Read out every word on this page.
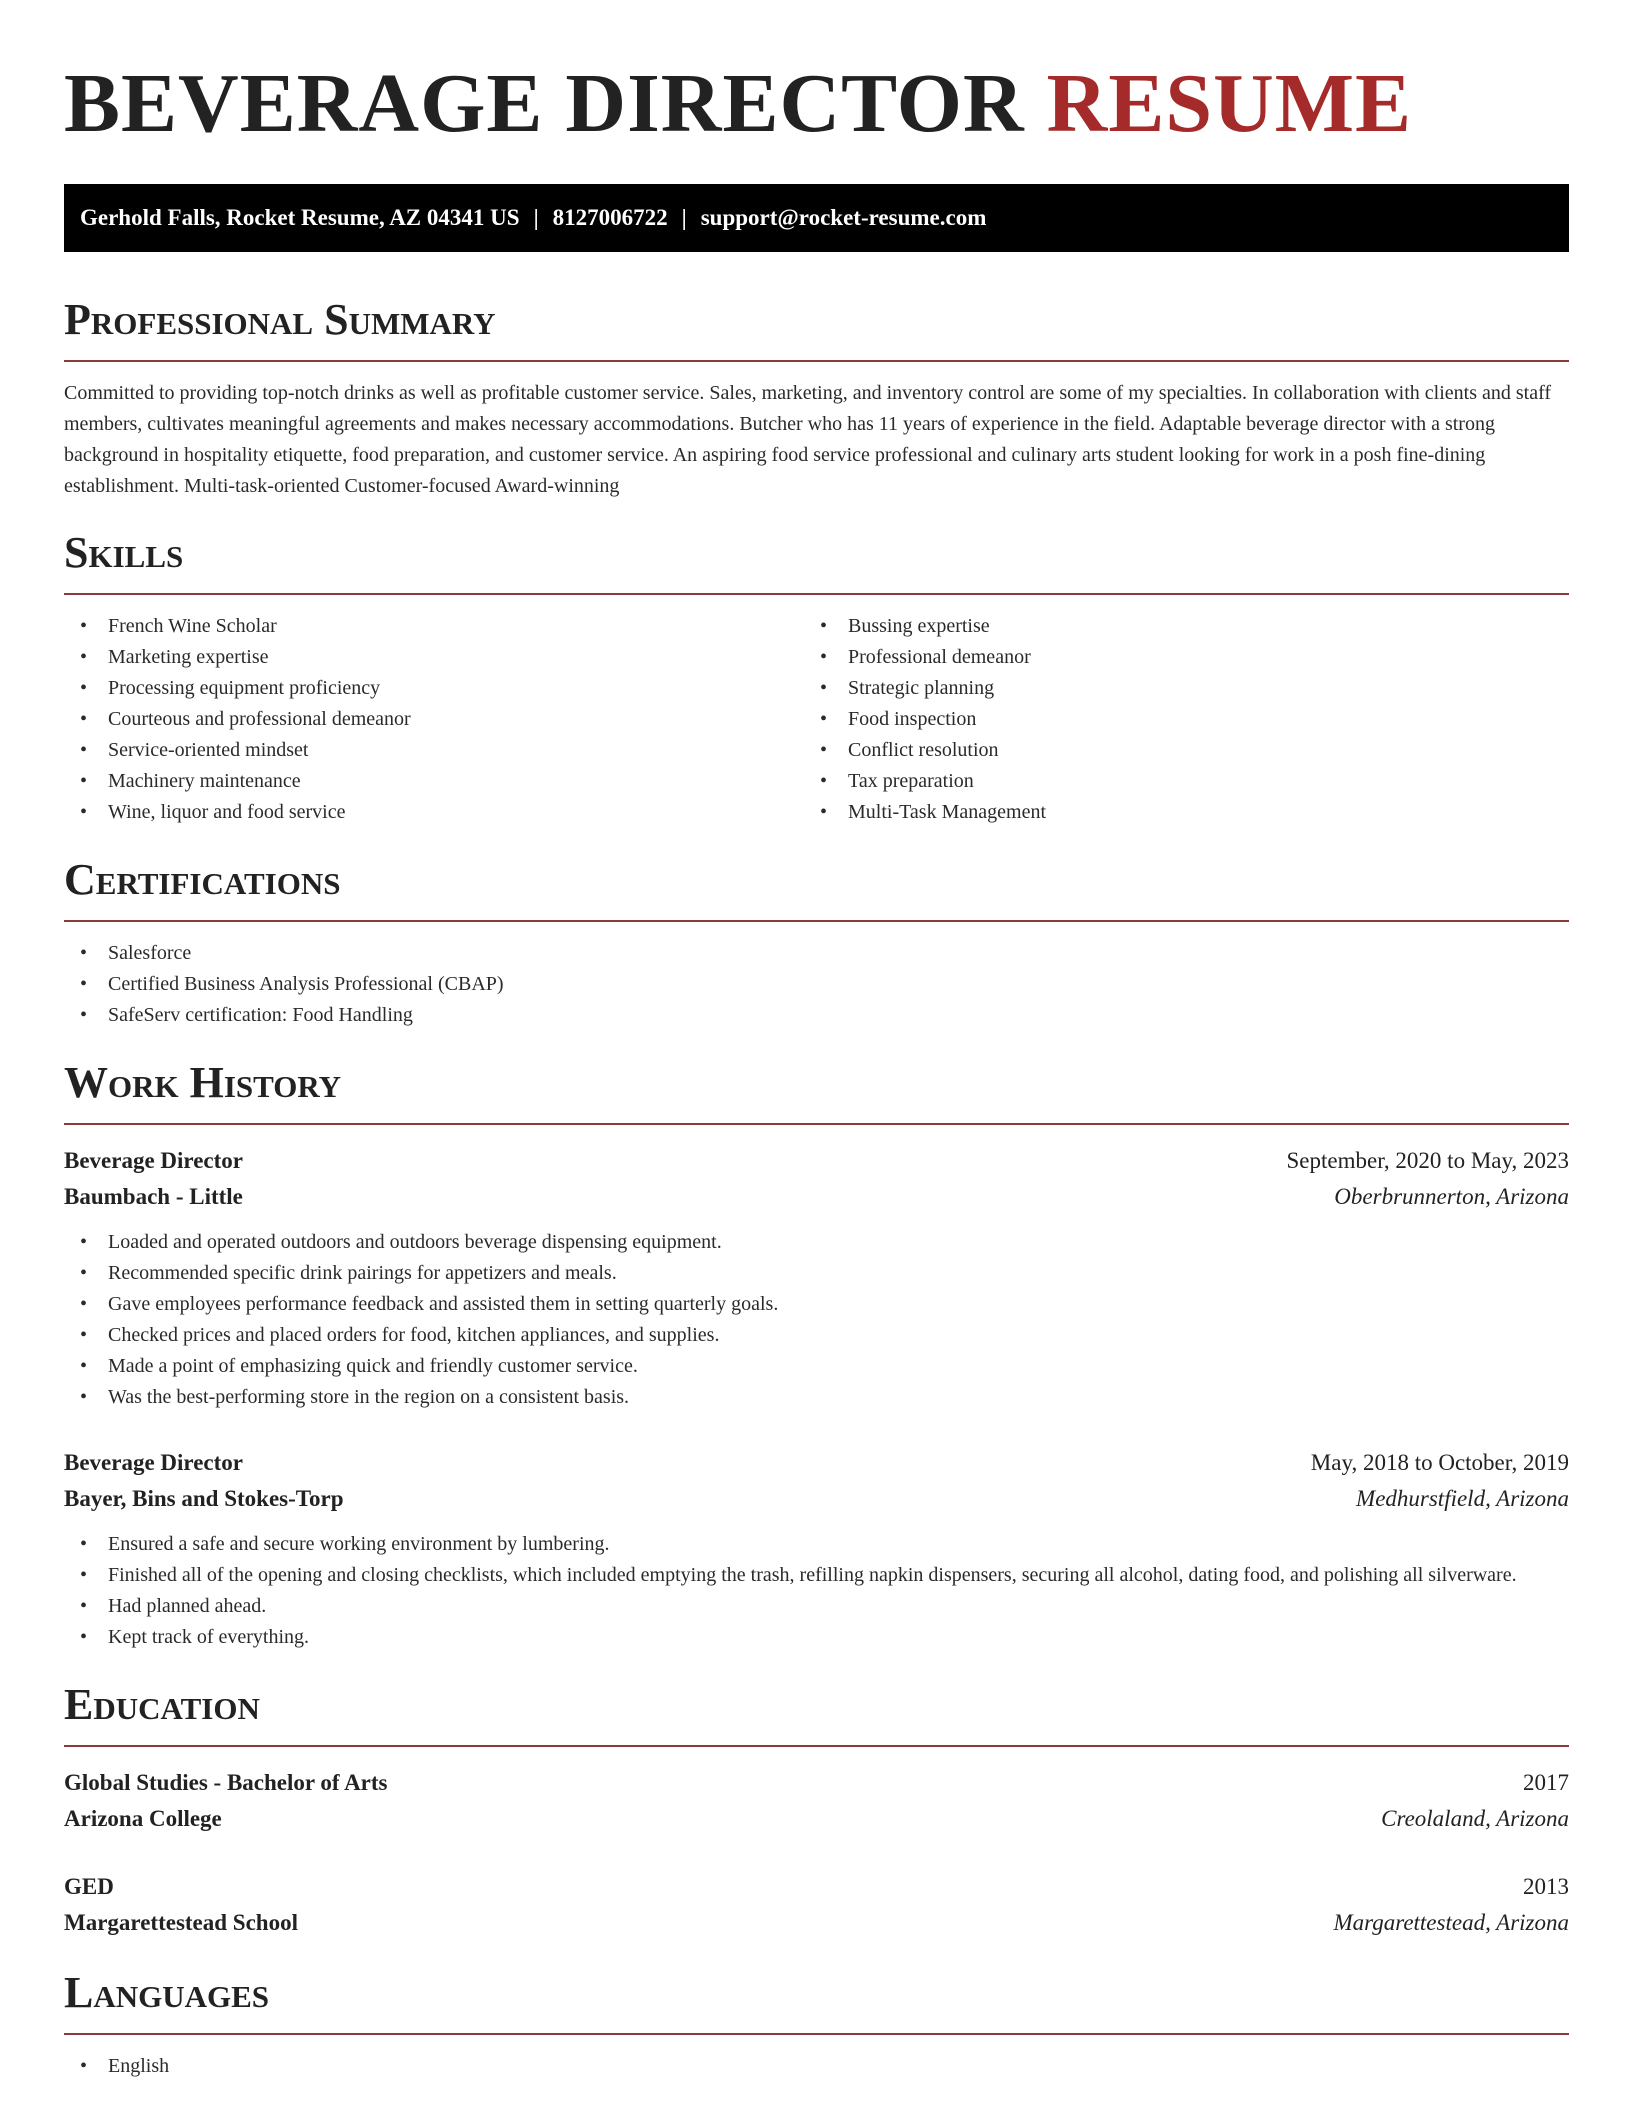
BEVERAGE DIRECTOR RESUME
Gerhold Falls, Rocket Resume, AZ 04341 US | 8127006722 | support@rocket-resume.com
Professional Summary

Committed to providing top-notch drinks as well as profitable customer service. Sales, marketing, and inventory control are some of my specialties. In collaboration with clients and staff members, cultivates meaningful agreements and makes necessary accommodations. Butcher who has 11 years of experience in the field. Adaptable beverage director with a strong background in hospitality etiquette, food preparation, and customer service. An aspiring food service professional and culinary arts student looking for work in a posh fine-dining establishment. Multi-task-oriented Customer-focused Award-winning

Skills
• French Wine Scholar
• Marketing expertise
• Processing equipment proficiency
• Courteous and professional demeanor
• Service-oriented mindset
• Machinery maintenance
• Wine, liquor and food service
• Bussing expertise
• Professional demeanor
• Strategic planning
• Food inspection
• Conflict resolution
• Tax preparation
• Multi-Task Management
Certifications
• Salesforce
• Certified Business Analysis Professional (CBAP)
• SafeServ certification: Food Handling
Work History
Beverage Director	September, 2020 to May, 2023
Baumbach - Little	Oberbrunnerton, Arizona
• Loaded and operated outdoors and outdoors beverage dispensing equipment.
• Recommended specific drink pairings for appetizers and meals.
• Gave employees performance feedback and assisted them in setting quarterly goals.
• Checked prices and placed orders for food, kitchen appliances, and supplies.
• Made a point of emphasizing quick and friendly customer service.
• Was the best-performing store in the region on a consistent basis.
Beverage Director	May, 2018 to October, 2019
Bayer, Bins and Stokes-Torp	Medhurstfield, Arizona
• Ensured a safe and secure working environment by lumbering.
• Finished all of the opening and closing checklists, which included emptying the trash, refilling napkin dispensers, securing all alcohol, dating food, and polishing all silverware.
• Had planned ahead.
• Kept track of everything.
Education
Global Studies - Bachelor of Arts	2017
Arizona College	Creolaland, Arizona
GED	2013
Margarettestead School	Margarettestead, Arizona
Languages
• English
